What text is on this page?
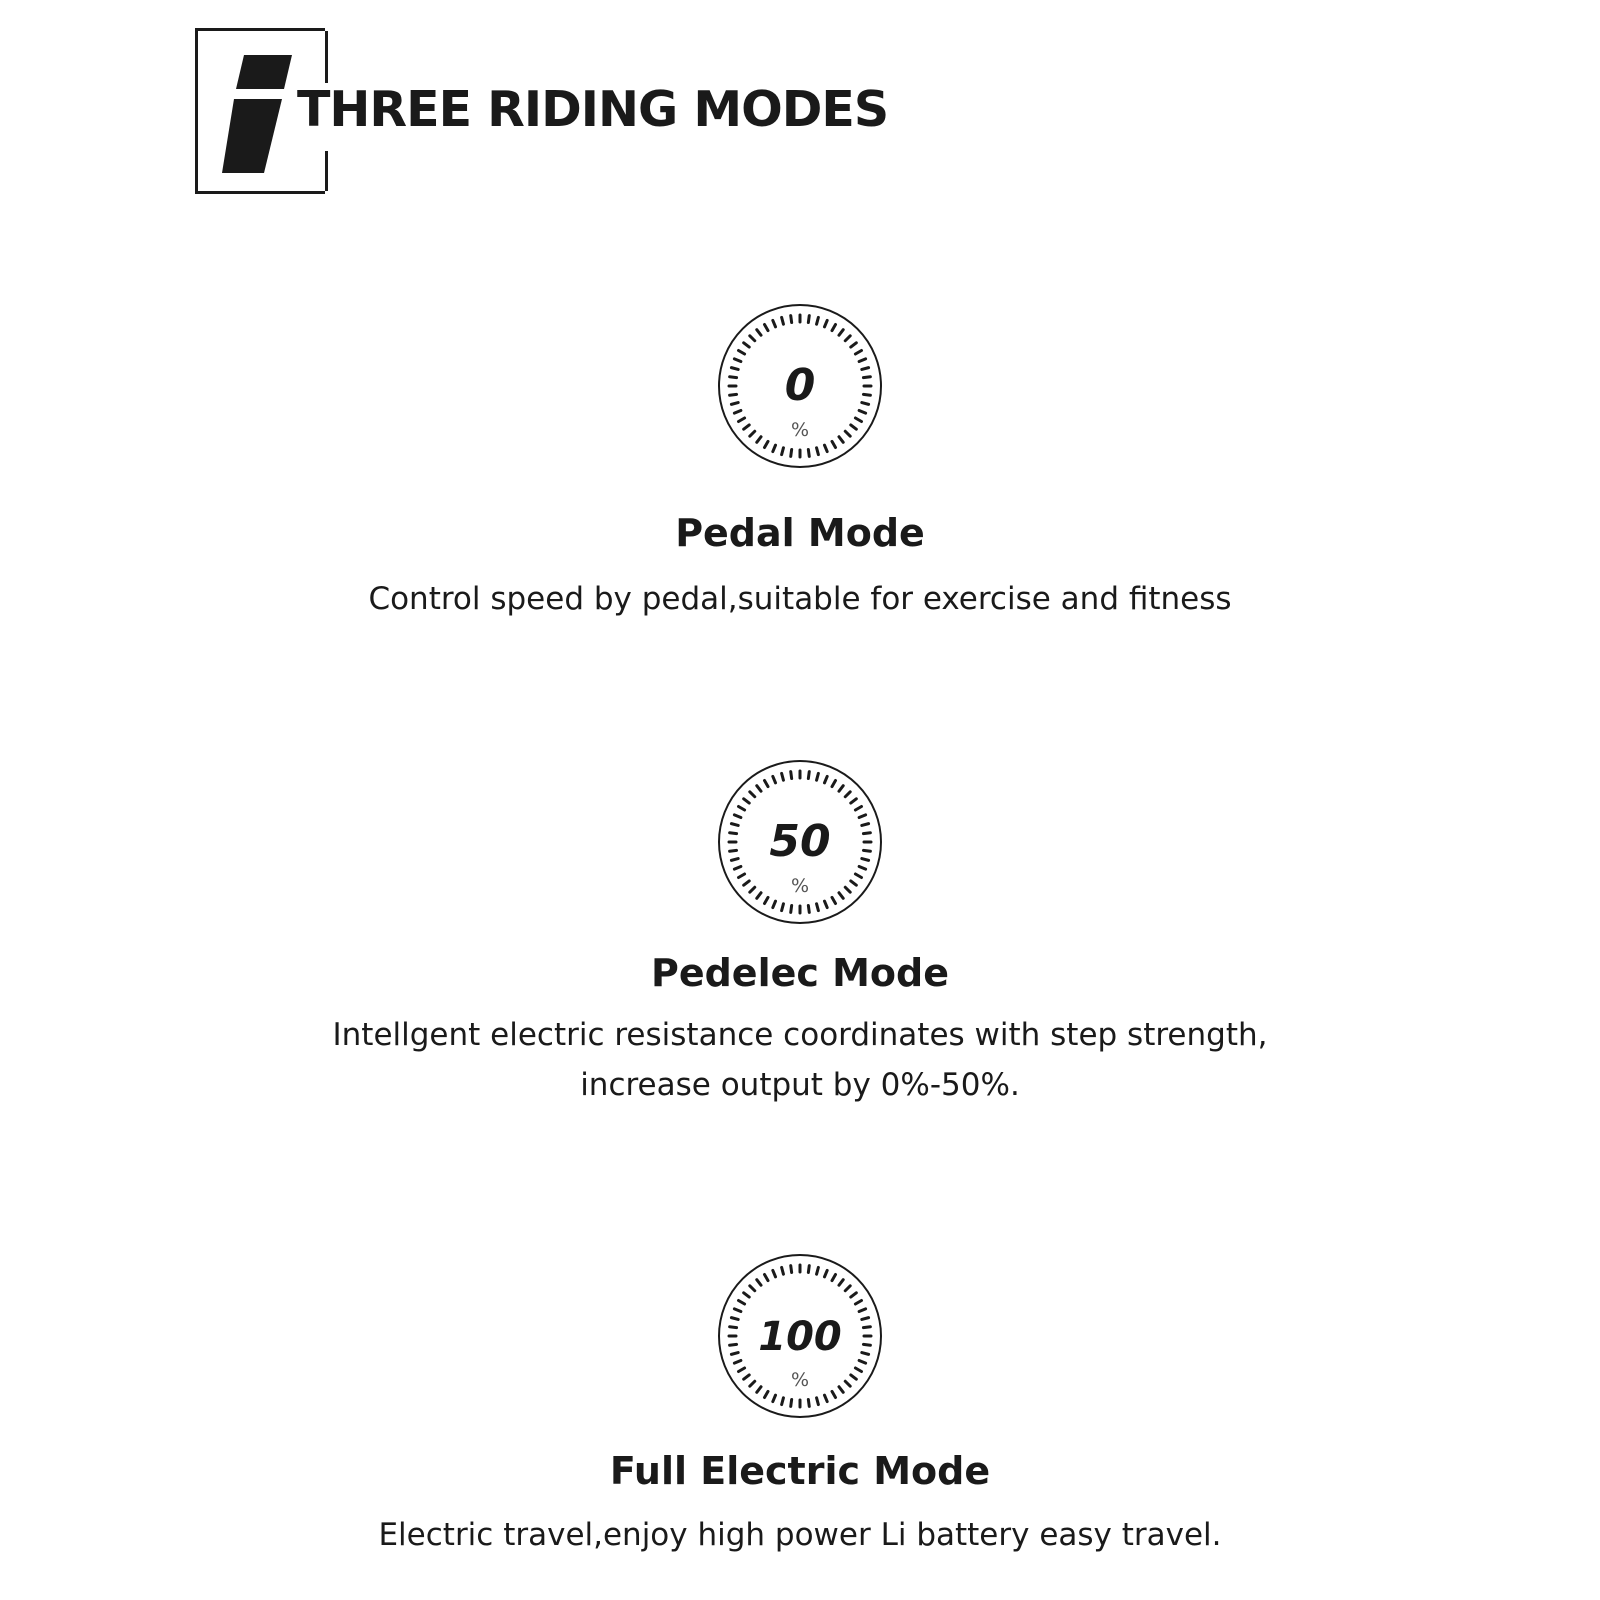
THREE RIDING MODES
0
%
Pedal Mode

Control speed by pedal,suitable for exercise and fitness

50
%
Pedelec Mode

Intellgent electric resistance coordinates with step strength,

increase output by 0%-50%.

100
%
Full Electric Mode

Electric travel,enjoy high power Li battery easy travel.
